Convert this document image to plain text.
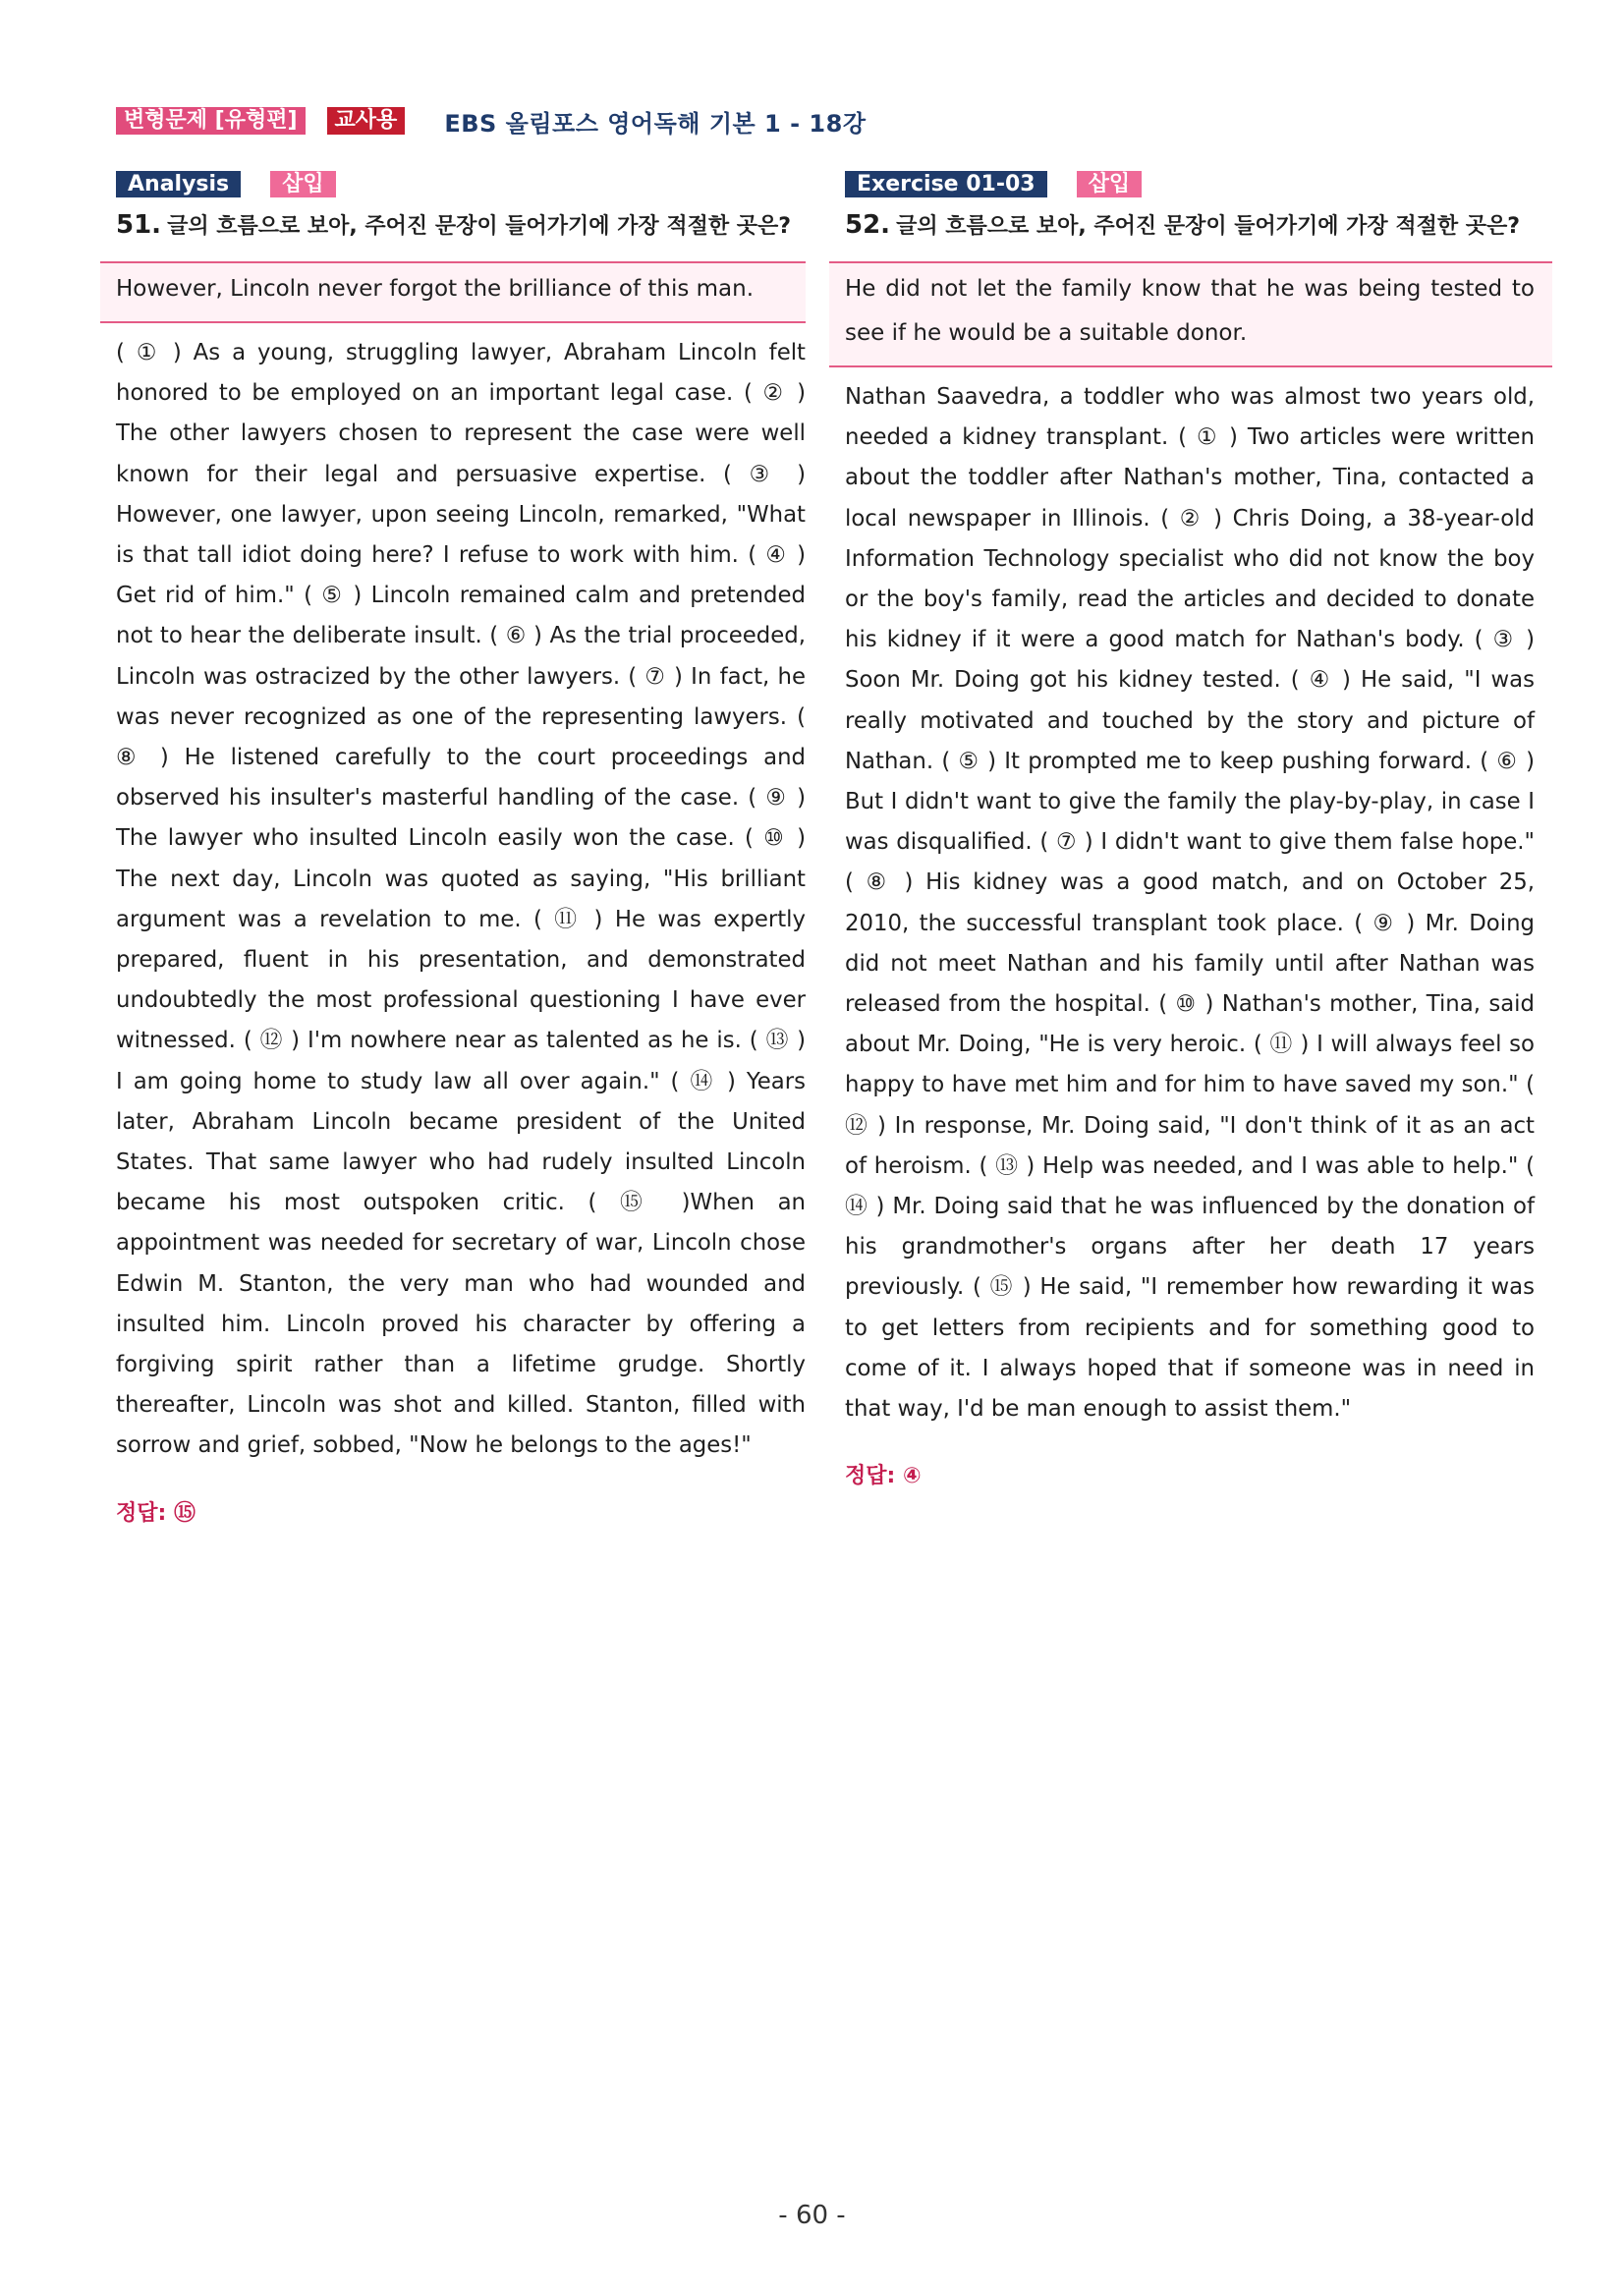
변형문제 [유형편]	교사용	EBS 올림포스 영어독해 기본 1 - 18강
Analysis	삽입
51. 글의 흐름으로 보아, 주어진 문장이 들어가기에 가장 적절한 곳은?
However, Lincoln never forgot the brilliance of this man.
( ① ) As a young, struggling lawyer, Abraham Lincoln felt honored to be employed on an important legal case. ( ② ) The other lawyers chosen to represent the case were well known for their legal and persuasive expertise. ( ③ ) However, one lawyer, upon seeing Lincoln, remarked, "What is that tall idiot doing here? I refuse to work with him. ( ④ ) Get rid of him." ( ⑤ ) Lincoln remained calm and pretended not to hear the deliberate insult. ( ⑥ ) As the trial proceeded, Lincoln was ostracized by the other lawyers. ( ⑦ ) In fact, he was never recognized as one of the representing lawyers. ( ⑧ ) He listened carefully to the court proceedings and observed his insulter's masterful handling of the case. ( ⑨ ) The lawyer who insulted Lincoln easily won the case. ( ⑩ ) The next day, Lincoln was quoted as saying, "His brilliant argument was a revelation to me. ( ⑪ ) He was expertly prepared, fluent in his presentation, and demonstrated undoubtedly the most professional questioning I have ever witnessed. ( ⑫ ) I'm nowhere near as talented as he is. ( ⑬ ) I am going home to study law all over again." ( ⑭ ) Years later, Abraham Lincoln became president of the United States. That same lawyer who had rudely insulted Lincoln became his most outspoken critic. ( ⑮ )When an appointment was needed for secretary of war, Lincoln chose Edwin M. Stanton, the very man who had wounded and insulted him. Lincoln proved his character by offering a forgiving spirit rather than a lifetime grudge. Shortly thereafter, Lincoln was shot and killed. Stanton, filled with sorrow and grief, sobbed, "Now he belongs to the ages!"
정답: ⑮
Exercise 01-03	삽입
52. 글의 흐름으로 보아, 주어진 문장이 들어가기에 가장 적절한 곳은?
He did not let the family know that he was being tested to see if he would be a suitable donor.
Nathan Saavedra, a toddler who was almost two years old, needed a kidney transplant. ( ① ) Two articles were written about the toddler after Nathan's mother, Tina, contacted a local newspaper in Illinois. ( ② ) Chris Doing, a 38-year-old Information Technology specialist who did not know the boy or the boy's family, read the articles and decided to donate his kidney if it were a good match for Nathan's body. ( ③ ) Soon Mr. Doing got his kidney tested. ( ④ ) He said, "I was really motivated and touched by the story and picture of Nathan. ( ⑤ ) It prompted me to keep pushing forward. ( ⑥ ) But I didn't want to give the family the play-by-play, in case I was disqualified. ( ⑦ ) I didn't want to give them false hope." ( ⑧ ) His kidney was a good match, and on October 25, 2010, the successful transplant took place. ( ⑨ ) Mr. Doing did not meet Nathan and his family until after Nathan was released from the hospital. ( ⑩ ) Nathan's mother, Tina, said about Mr. Doing, "He is very heroic. ( ⑪ ) I will always feel so happy to have met him and for him to have saved my son." ( ⑫ ) In response, Mr. Doing said, "I don't think of it as an act of heroism. ( ⑬ ) Help was needed, and I was able to help." ( ⑭ ) Mr. Doing said that he was influenced by the donation of his grandmother's organs after her death 17 years previously. ( ⑮ ) He said, "I remember how rewarding it was to get letters from recipients and for something good to come of it. I always hoped that if someone was in need in that way, I'd be man enough to assist them."
정답: ④
- 60 -
